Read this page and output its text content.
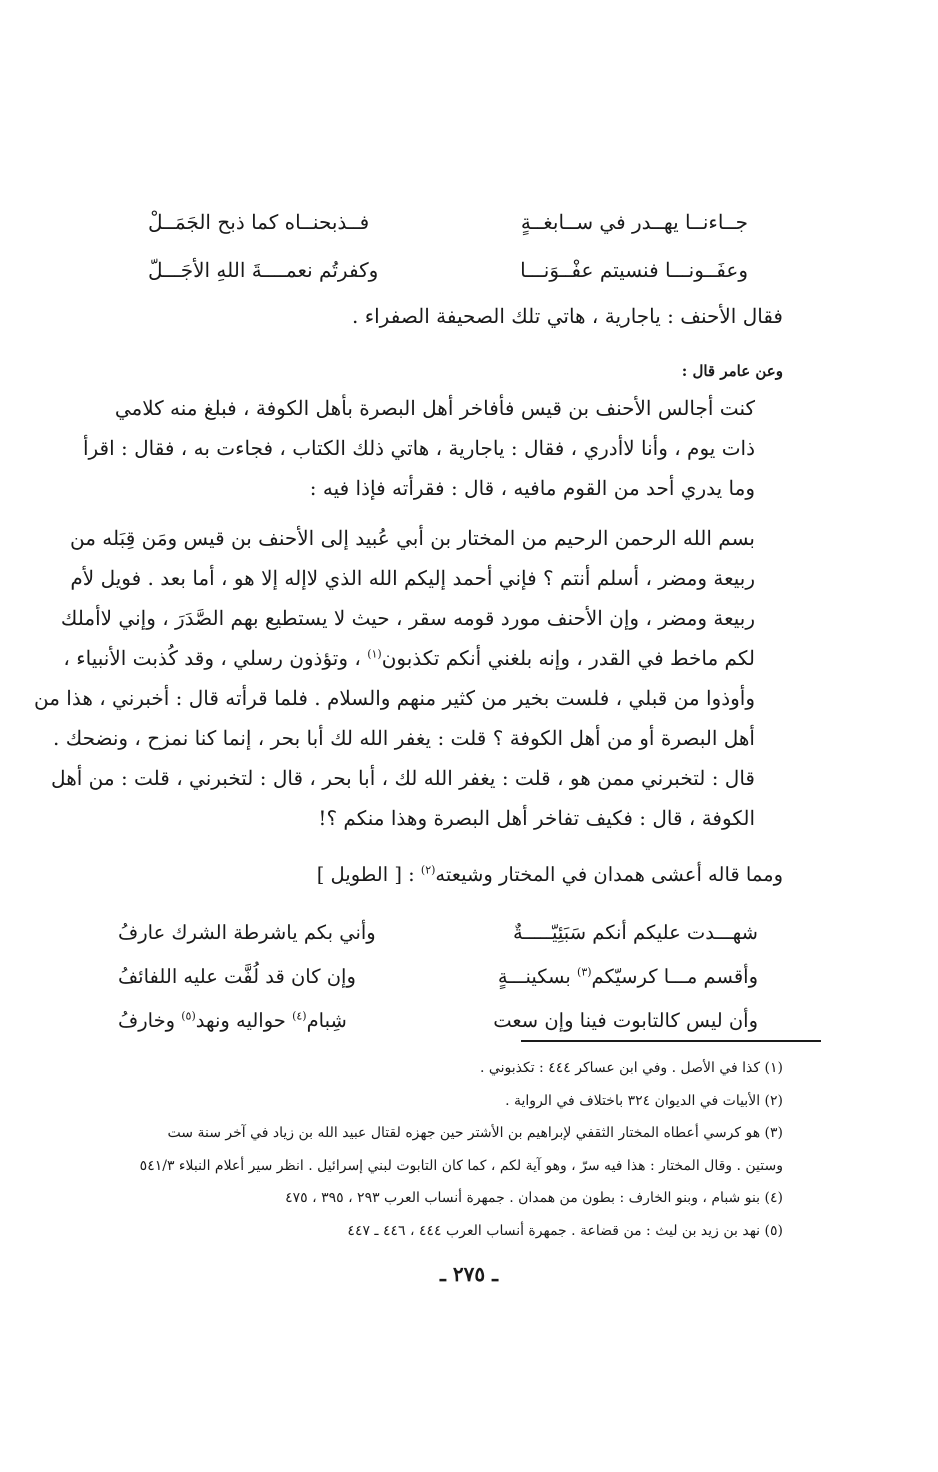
جــاءنــا يهــدر في ســابغــةٍ
فــذبحنــاه كما ذبح الجَمَــلْ
وعفَــونـــا فنسيتم عفْــوَنـــا
وكفرتُم نعمــــةَ اللهِ الأجَـــلّ
فقال الأحنف : ياجارية ، هاتي تلك الصحيفة الصفراء .
وعن عامر قال :
كنت أجالس الأحنف بن قيس فأفاخر أهل البصرة بأهل الكوفة ، فبلغ منه كلامي
ذات يوم ، وأنا لاأدري ، فقال : ياجارية ، هاتي ذلك الكتاب ، فجاءت به ، فقال : اقرأ
وما يدري أحد من القوم مافيه ، قال : فقرأته فإذا فيه :
بسم الله الرحمن الرحيم من المختار بن أبي عُبيد إلى الأحنف بن قيس ومَن قِبَله من
ربيعة ومضر ، أسلم أنتم ؟ فإني أحمد إليكم الله الذي لاإله إلا هو ، أما بعد . فويل لأم
ربيعة ومضر ، وإن الأحنف مورد قومه سقر ، حيث لا يستطيع بهم الصَّدَرَ ، وإني لاأملك
لكم ماخط في القدر ، وإنه بلغني أنكم تكذبون$^{(١)}$ ، وتؤذون رسلي ، وقد كُذبت الأنبياء ،
وأوذوا من قبلي ، فلست بخير من كثير منهم والسلام . فلما قرأته قال : أخبرني ، هذا من
أهل البصرة أو من أهل الكوفة ؟ قلت : يغفر الله لك أبا بحر ، إنما كنا نمزح ، ونضحك .
قال : لتخبرني ممن هو ، قلت : يغفر الله لك ، أبا بحر ، قال : لتخبرني ، قلت : من أهل
الكوفة ، قال : فكيف تفاخر أهل البصرة وهذا منكم ؟!
ومما قاله أعشى همدان في المختار وشيعته$^{(٢)}$ : [ الطويل ]
شهـــدت عليكم أنكم سَبَئِيّـــــةٌ
وأني بكم ياشرطة الشرك عارفُ
وأقسم مـــا كرسيّكم$^{(٣)}$ بسكينـــةٍ
وإن كان قد لُفَّت عليه اللفائفُ
وأن ليس كالتابوت فينا وإن سعت
شِبام$^{(٤)}$ حواليه ونهد$^{(٥)}$ وخارفُ
(١) كذا في الأصل . وفي ابن عساكر ٤٤٤ : تكذبوني .
(٢) الأبيات في الديوان ٣٢٤ باختلاف في الرواية .
(٣) هو كرسي أعطاه المختار الثقفي لإبراهيم بن الأشتر حين جهزه لقتال عبيد الله بن زياد في آخر سنة ست
وستين . وقال المختار : هذا فيه سرّ ، وهو آية لكم ، كما كان التابوت لبني إسرائيل . انظر سير أعلام النبلاء ٥٤١/٣
(٤) بنو شبام ، وبنو الخارف : بطون من همدان . جمهرة أنساب العرب ٢٩٣ ، ٣٩٥ ، ٤٧٥
(٥) نهد بن زيد بن ليث : من قضاعة . جمهرة أنساب العرب ٤٤٤ ، ٤٤٦ ـ ٤٤٧
ـ ٢٧٥ ـ
